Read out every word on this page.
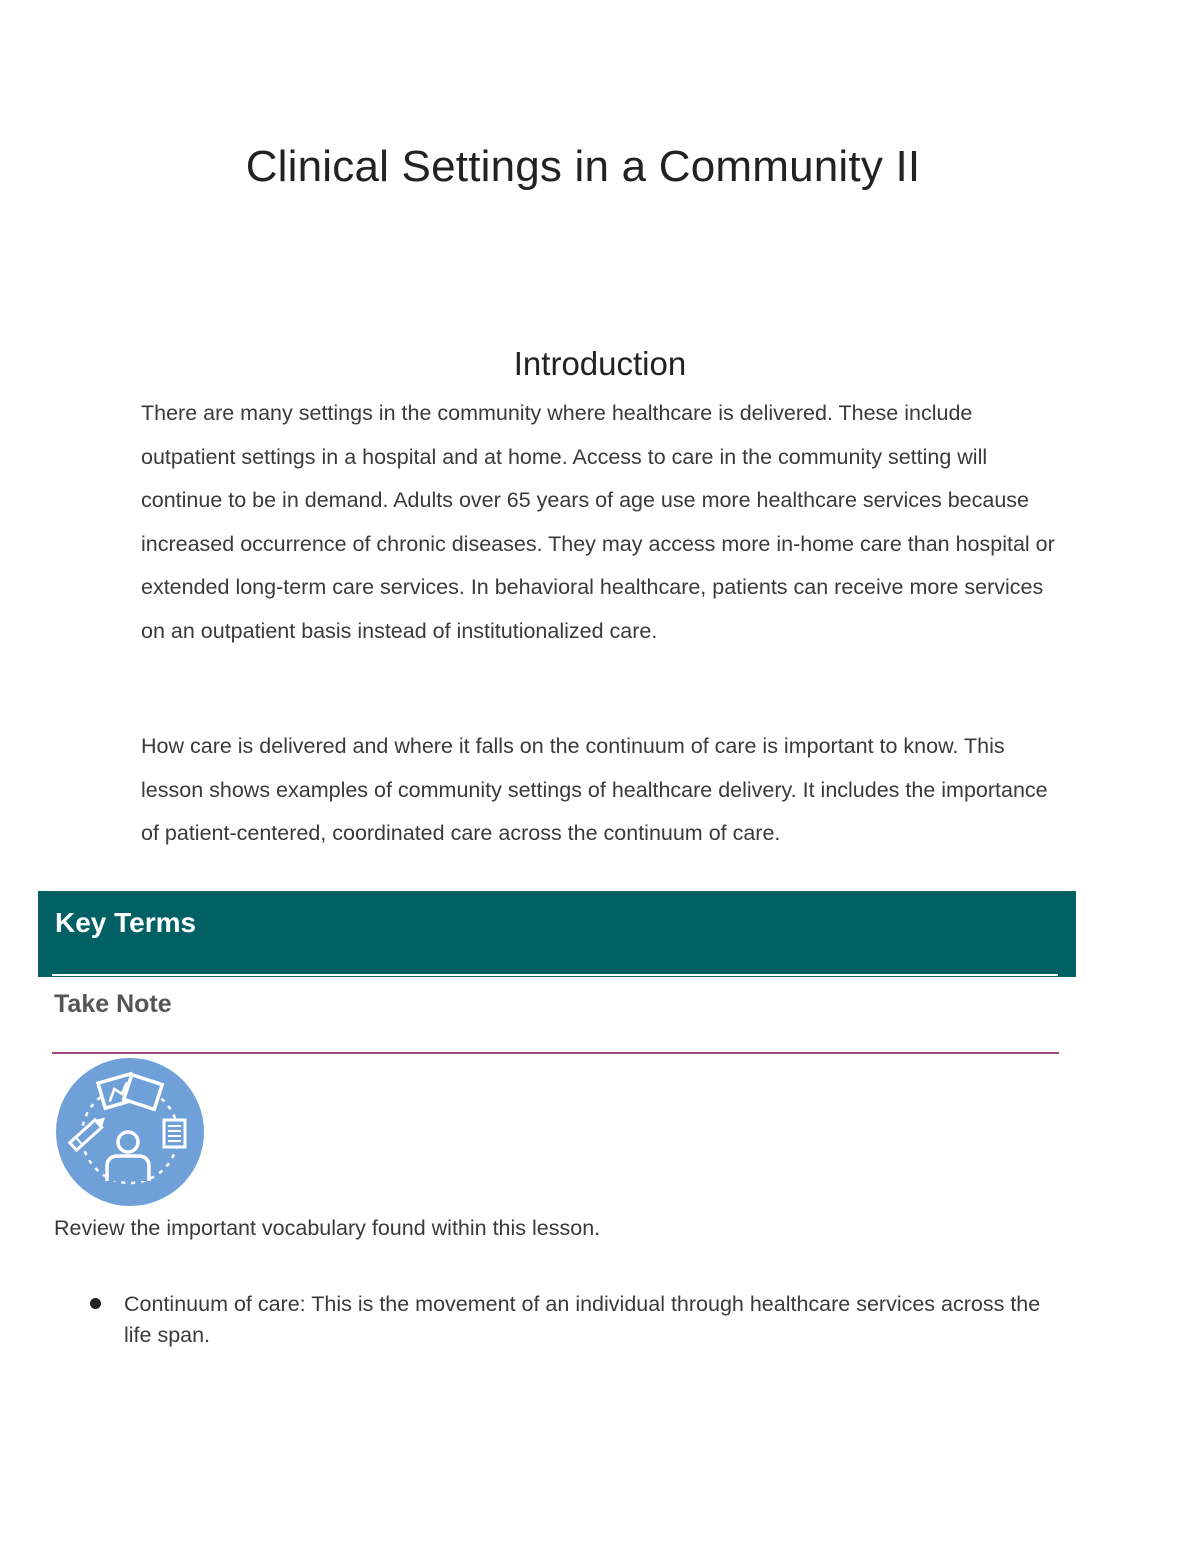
Clinical Settings in a Community II
Introduction

There are many settings in the community where healthcare is delivered. These include outpatient settings in a hospital and at home. Access to care in the community setting will continue to be in demand. Adults over 65 years of age use more healthcare services because increased occurrence of chronic diseases. They may access more in-home care than hospital or extended long-term care services. In behavioral healthcare, patients can receive more services on an outpatient basis instead of institutionalized care.

How care is delivered and where it falls on the continuum of care is important to know. This lesson shows examples of community settings of healthcare delivery. It includes the importance of patient-centered, coordinated care across the continuum of care.

Key Terms
Take Note

Review the important vocabulary found within this lesson.

Continuum of care: This is the movement of an individual through healthcare services across the life span.
